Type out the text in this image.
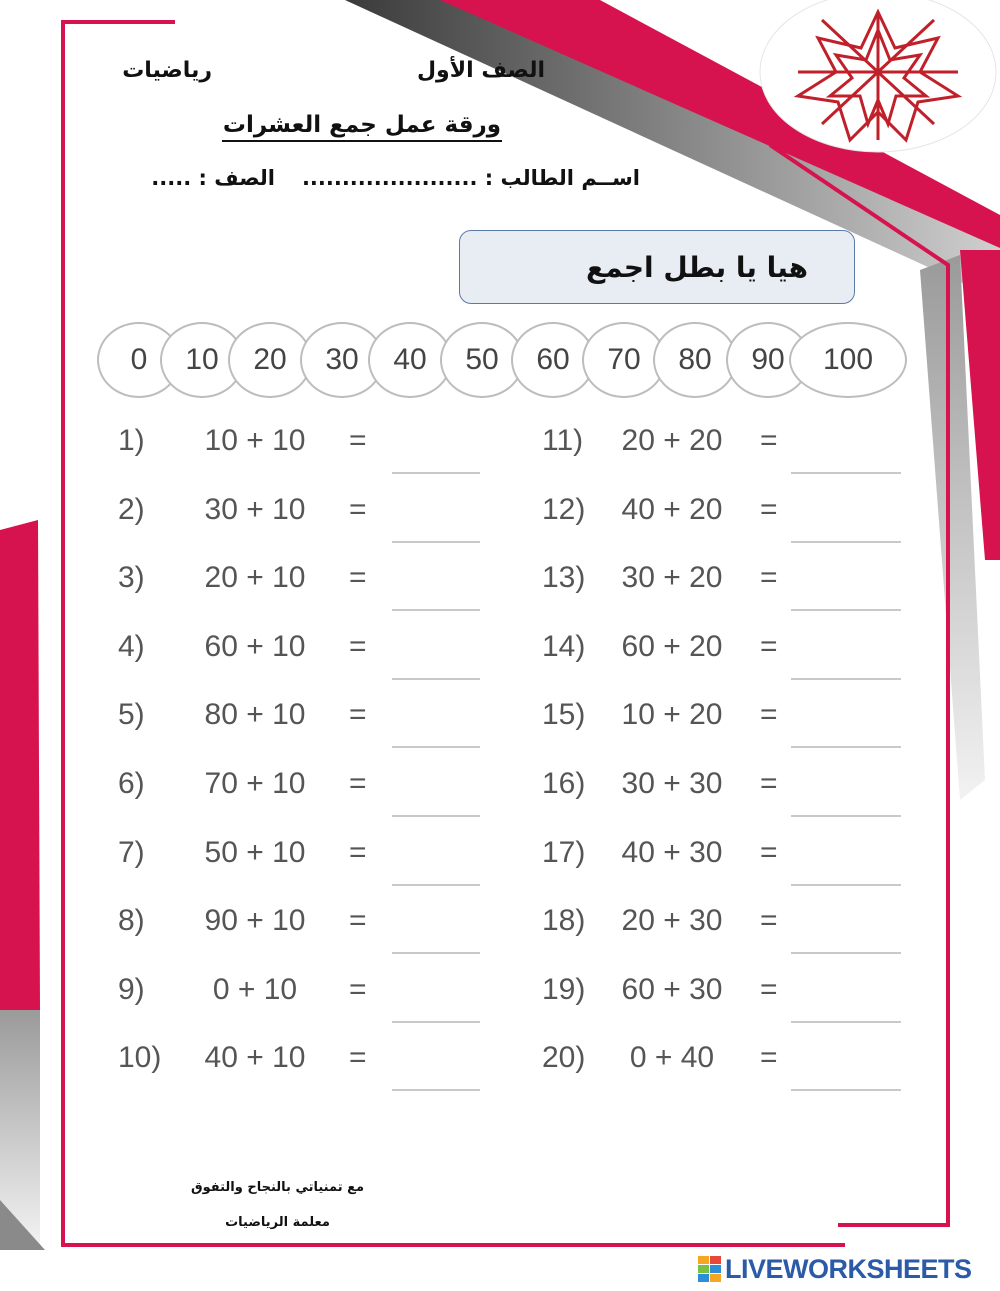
رياضيات	الصف الأول
ورقة عمل جمع العشرات
اســم الطالب : ......................
الصف : .....
هيا يا بطل اجمع
0	10	20	30	40	50	60	70	80	90	100
1)	10 + 10	=
2)	30 + 10	=
3)	20 + 10	=
4)	60 + 10	=
5)	80 + 10	=
6)	70 + 10	=
7)	50 + 10	=
8)	90 + 10	=
9)	0 + 10	=
10)	40 + 10	=
11)	20 + 20	=
12)	40 + 20	=
13)	30 + 20	=
14)	60 + 20	=
15)	10 + 20	=
16)	30 + 30	=
17)	40 + 30	=
18)	20 + 30	=
19)	60 + 30	=
20)	0 + 40	=
مع تمنياتي بالنجاح والتفوق
معلمة الرياضيات
LIVEWORKSHEETS
